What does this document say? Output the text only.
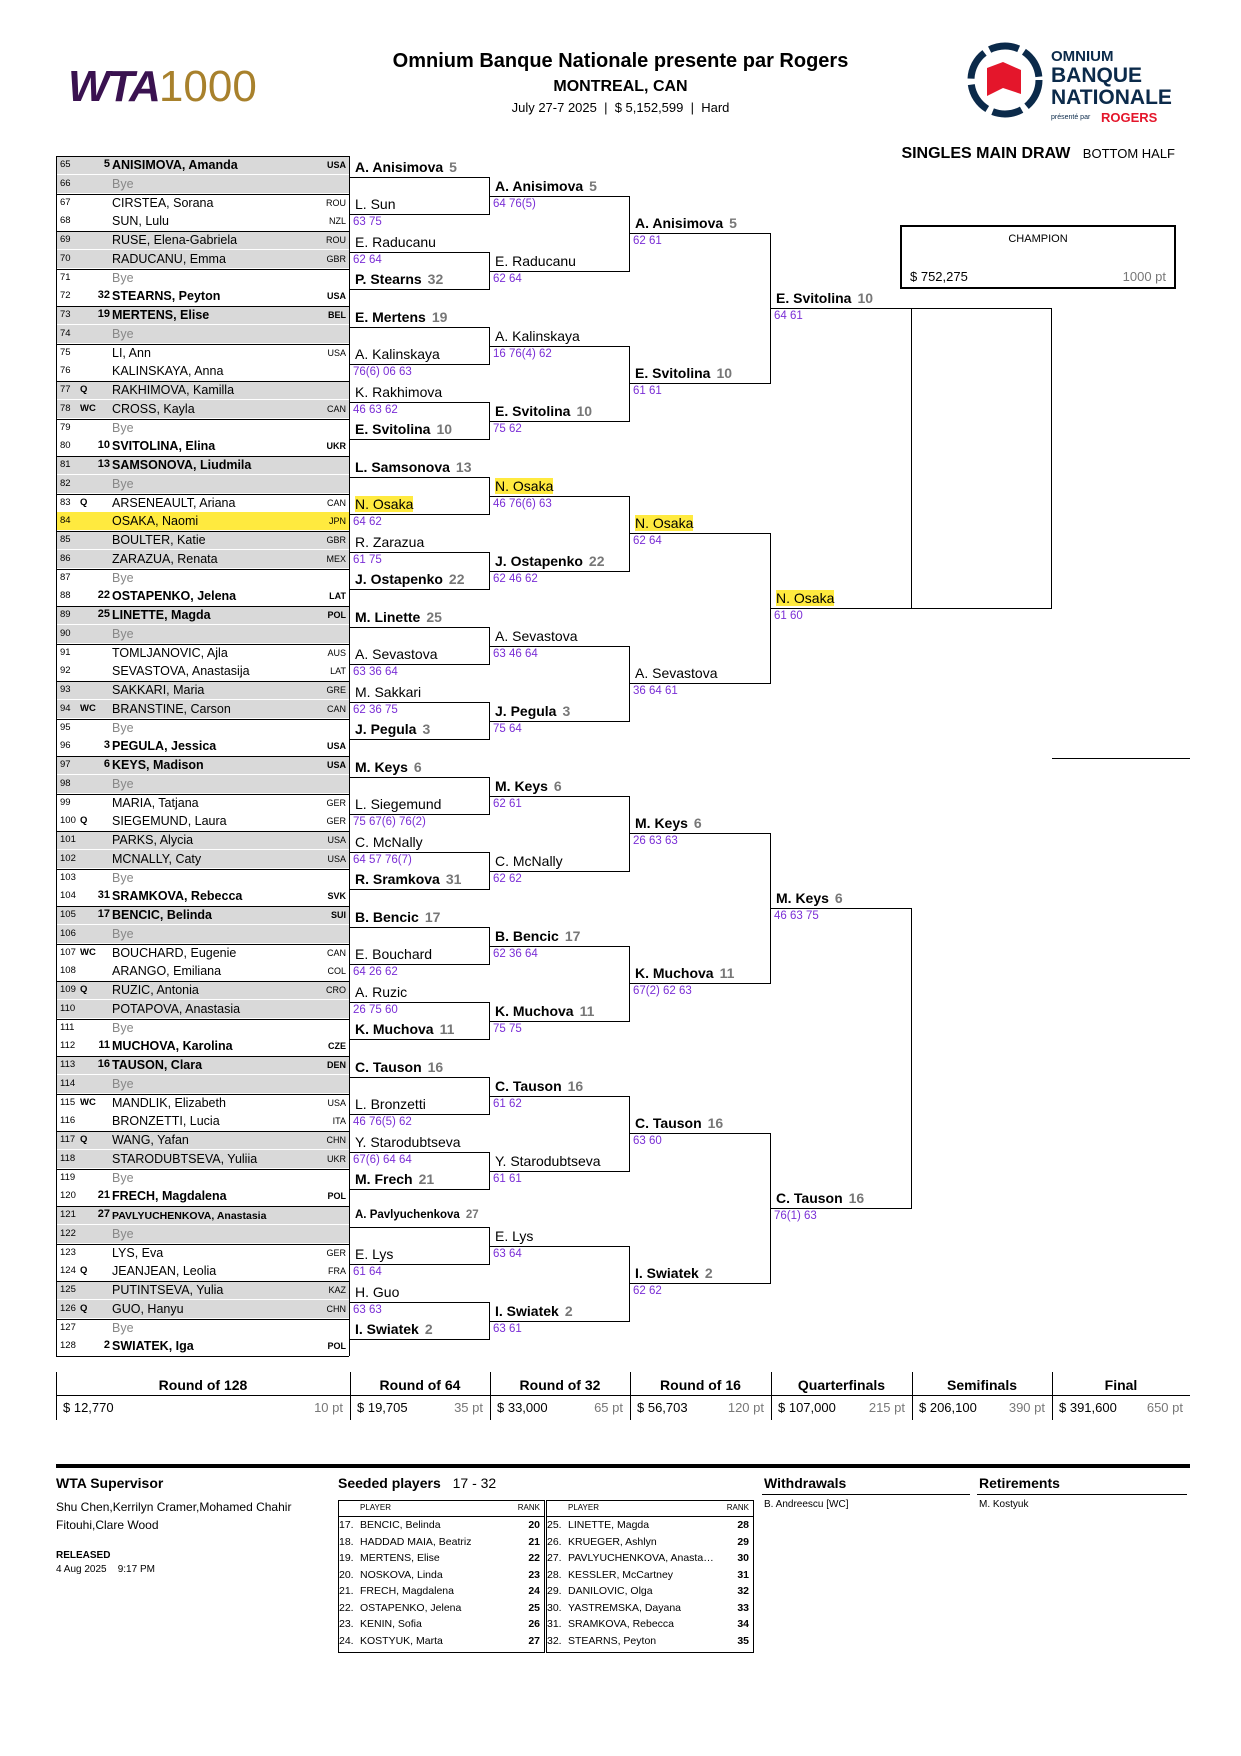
WTA1000
Omnium Banque Nationale presente par Rogers
MONTREAL, CAN
July 27-7 2025  |  $ 5,152,599  |  Hard
OMNIUM
BANQUE
NATIONALE
présenté par ROGERS
SINGLES MAIN DRAW BOTTOM HALF
CHAMPION
$ 752,275	1000 pt
65	5 ANISIMOVA, Amanda	USA
66	Bye
67	CIRSTEA, Sorana	ROU
68	SUN, Lulu	NZL
69	RUSE, Elena-Gabriela	ROU
70	RADUCANU, Emma	GBR
71	Bye
72	32 STEARNS, Peyton	USA
73	19 MERTENS, Elise	BEL
74	Bye
75	LI, Ann	USA
76	KALINSKAYA, Anna
77 Q RAKHIMOVA, Kamilla
78 WC CROSS, Kayla	CAN
79	Bye
80	10 SVITOLINA, Elina	UKR
81	13 SAMSONOVA, Liudmila
82	Bye
83 Q ARSENEAULT, Ariana	CAN
84	OSAKA, Naomi	JPN
85	BOULTER, Katie	GBR
86	ZARAZUA, Renata	MEX
87	Bye
88	22 OSTAPENKO, Jelena	LAT
89	25 LINETTE, Magda	POL
90	Bye
91	TOMLJANOVIC, Ajla	AUS
92	SEVASTOVA, Anastasija	LAT
93	SAKKARI, Maria	GRE
94 WC BRANSTINE, Carson	CAN
95	Bye
96	3 PEGULA, Jessica	USA
97	6 KEYS, Madison	USA
98	Bye
99	MARIA, Tatjana	GER
100 Q SIEGEMUND, Laura	GER
101	PARKS, Alycia	USA
102	MCNALLY, Caty	USA
103	Bye
104	31 SRAMKOVA, Rebecca	SVK
105	17 BENCIC, Belinda	SUI
106	Bye
107 WC BOUCHARD, Eugenie	CAN
108	ARANGO, Emiliana	COL
109 Q RUZIC, Antonia	CRO
110	POTAPOVA, Anastasia
111	Bye
112	11 MUCHOVA, Karolina	CZE
113	16 TAUSON, Clara	DEN
114	Bye
115 WC MANDLIK, Elizabeth	USA
116	BRONZETTI, Lucia	ITA
117 Q WANG, Yafan	CHN
118	STARODUBTSEVA, Yuliia	UKR
119	Bye
120	21 FRECH, Magdalena	POL
121	27 PAVLYUCHENKOVA, Anastasia
122	Bye
123	LYS, Eva	GER
124 Q JEANJEAN, Leolia	FRA
125	PUTINTSEVA, Yulia	KAZ
126 Q GUO, Hanyu	CHN
127	Bye
128	2 SWIATEK, Iga	POL
A. Anisimova 5
L. Sun
63 75
E. Raducanu
62 64
P. Stearns 32
E. Mertens 19
A. Kalinskaya
76(6) 06 63
K. Rakhimova
46 63 62
E. Svitolina 10
L. Samsonova 13
N. Osaka
64 62
R. Zarazua
61 75
J. Ostapenko 22
M. Linette 25
A. Sevastova
63 36 64
M. Sakkari
62 36 75
J. Pegula 3
M. Keys 6
L. Siegemund
75 67(6) 76(2)
C. McNally
64 57 76(7)
R. Sramkova 31
B. Bencic 17
E. Bouchard
64 26 62
A. Ruzic
26 75 60
K. Muchova 11
C. Tauson 16
L. Bronzetti
46 76(5) 62
Y. Starodubtseva
67(6) 64 64
M. Frech 21
A. Pavlyuchenkova 27
E. Lys
61 64
H. Guo
63 63
I. Swiatek 2
A. Anisimova 5
64 76(5)
E. Raducanu
62 64
A. Kalinskaya
16 76(4) 62
E. Svitolina 10
75 62
N. Osaka
46 76(6) 63
J. Ostapenko 22
62 46 62
A. Sevastova
63 46 64
J. Pegula 3
75 64
M. Keys 6
62 61
C. McNally
62 62
B. Bencic 17
62 36 64
K. Muchova 11
75 75
C. Tauson 16
61 62
Y. Starodubtseva
61 61
E. Lys
63 64
I. Swiatek 2
63 61
A. Anisimova 5
62 61
E. Svitolina 10
61 61
N. Osaka
62 64
A. Sevastova
36 64 61
M. Keys 6
26 63 63
K. Muchova 11
67(2) 62 63
C. Tauson 16
63 60
I. Swiatek 2
62 62
E. Svitolina 10
64 61
N. Osaka
61 60
M. Keys 6
46 63 75
C. Tauson 16
76(1) 63
Round of 128
$ 12,770	10 pt
Round of 64
$ 19,705	35 pt
Round of 32
$ 33,000	65 pt
Round of 16
$ 56,703	120 pt
Quarterfinals
$ 107,000	215 pt
Semifinals
$ 206,100	390 pt
Final
$ 391,600	650 pt
WTA Supervisor
Shu Chen,Kerrilyn Cramer,Mohamed Chahir
Fitouhi,Clare Wood
RELEASED
4 Aug 2025    9:17 PM
Seeded players 17 - 32
PLAYER	RANK
17. BENCIC, Belinda	20
18. HADDAD MAIA, Beatriz	21
19. MERTENS, Elise	22
20. NOSKOVA, Linda	23
21. FRECH, Magdalena	24
22. OSTAPENKO, Jelena	25
23. KENIN, Sofia	26
24. KOSTYUK, Marta	27
PLAYER	RANK
25. LINETTE, Magda	28
26. KRUEGER, Ashlyn	29
27. PAVLYUCHENKOVA, Anasta…	30
28. KESSLER, McCartney	31
29. DANILOVIC, Olga	32
30. YASTREMSKA, Dayana	33
31. SRAMKOVA, Rebecca	34
32. STEARNS, Peyton	35
Withdrawals
B. Andreescu [WC]
Retirements
M. Kostyuk
